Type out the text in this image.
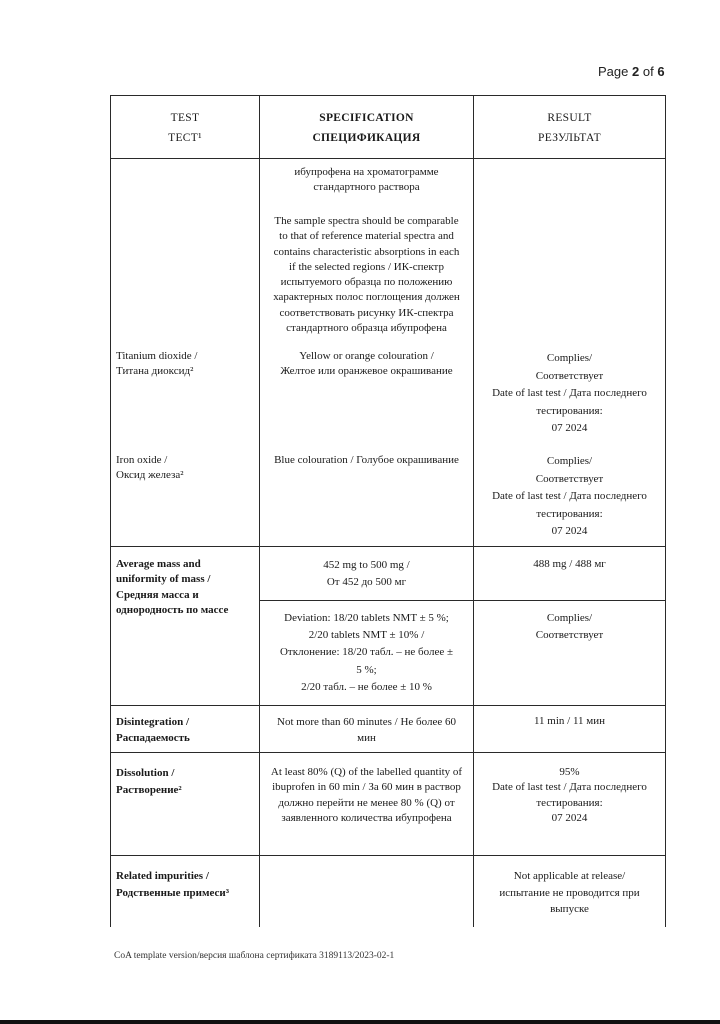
Page 2 of 6
TEST
ТЕСТ¹
SPECIFICATION
СПЕЦИФИКАЦИЯ
RESULT
РЕЗУЛЬТАТ
ибупрофена на хроматограмме
стандартного раствора
The sample spectra should be comparable
to that of reference material spectra and
contains characteristic absorptions in each
if the selected regions / ИК-спектр
испытуемого образца по положению
характерных полос поглощения должен
соответствовать рисунку ИК-спектра
стандартного образца ибупрофена
Titanium dioxide /
Титана диоксид²
Yellow or orange colouration /
Желтое или оранжевое окрашивание
Complies/
Соответствует
Date of last test / Дата последнего
тестирования:
07 2024
Iron oxide /
Оксид железа²
Blue colouration / Голубое окрашивание	Complies/
Соответствует
Date of last test / Дата последнего
тестирования:
07 2024
Average mass and
uniformity of mass /
Средняя масса и
однородность по массе
452 mg to 500 mg /
От 452 до 500 мг
488 mg / 488 мг
Deviation: 18/20 tablets NMT ± 5 %;
2/20 tablets NMT ± 10% /
Отклонение: 18/20 табл. – не более ±
5 %;
2/20 табл. – не более ± 10 %
Complies/
Соответствует
Disintegration /
Распадаемость
Not more than 60 minutes / Не более 60
мин
11 min / 11 мин
Dissolution /
Растворение²
At least 80% (Q) of the labelled quantity of
ibuprofen in 60 min / За 60 мин в раствор
должно перейти не менее 80 % (Q) от
заявленного количества ибупрофена
95%
Date of last test / Дата последнего
тестирования:
07 2024
Related impurities /
Родственные примеси³
Not applicable at release/
испытание не проводится при
выпуске
CoA template version/версия шаблона сертификата 3189113/2023-02-1
